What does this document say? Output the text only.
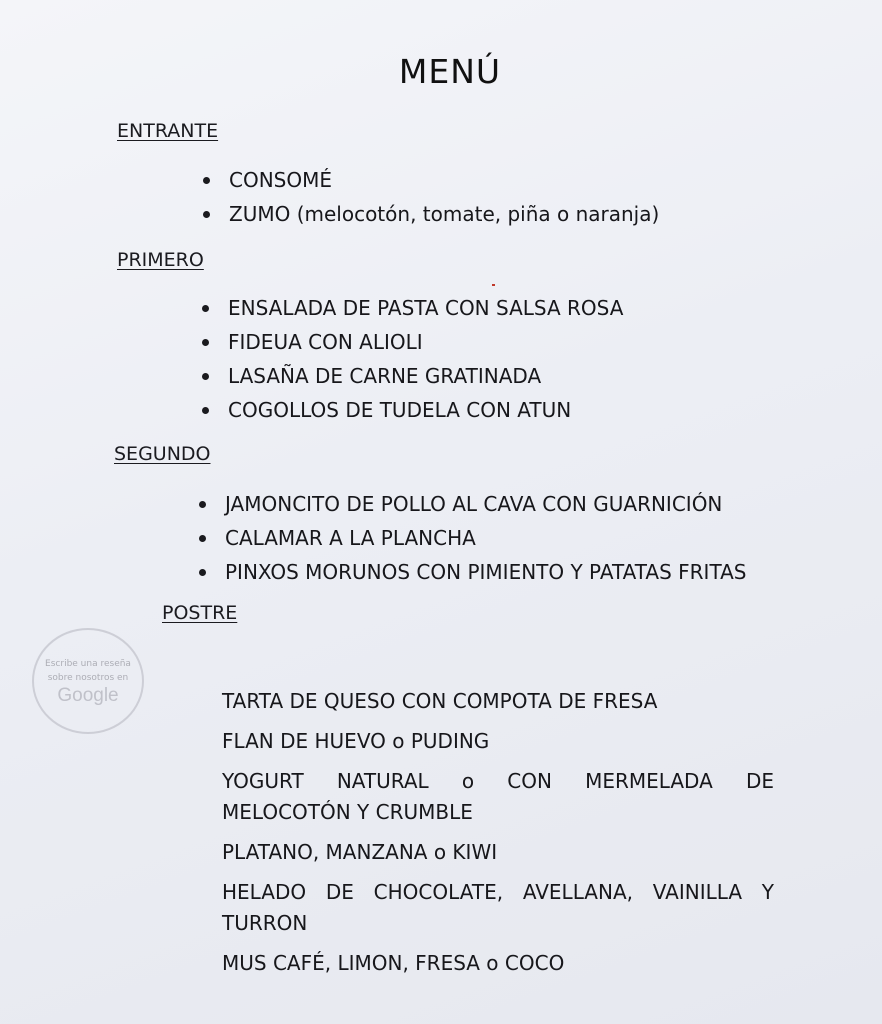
MENÚ
ENTRANTE
CONSOMÉ
ZUMO (melocotón, tomate, piña o naranja)
PRIMERO
ENSALADA DE PASTA CON SALSA ROSA
FIDEUA CON ALIOLI
LASAÑA DE CARNE GRATINADA
COGOLLOS DE TUDELA CON ATUN
SEGUNDO
JAMONCITO DE POLLO AL CAVA CON GUARNICIÓN
CALAMAR A LA PLANCHA
PINXOS MORUNOS CON PIMIENTO Y PATATAS FRITAS
POSTRE
Escribe una reseña
sobre nosotros en
Google	TARTA DE QUESO CON COMPOTA DE FRESA
FLAN DE HUEVO o PUDING
YOGURT NATURAL o CON MERMELADA DE MELOCOTÓN Y CRUMBLE
PLATANO, MANZANA o KIWI
HELADO DE CHOCOLATE, AVELLANA, VAINILLA Y TURRON
MUS CAFÉ, LIMON, FRESA o COCO
